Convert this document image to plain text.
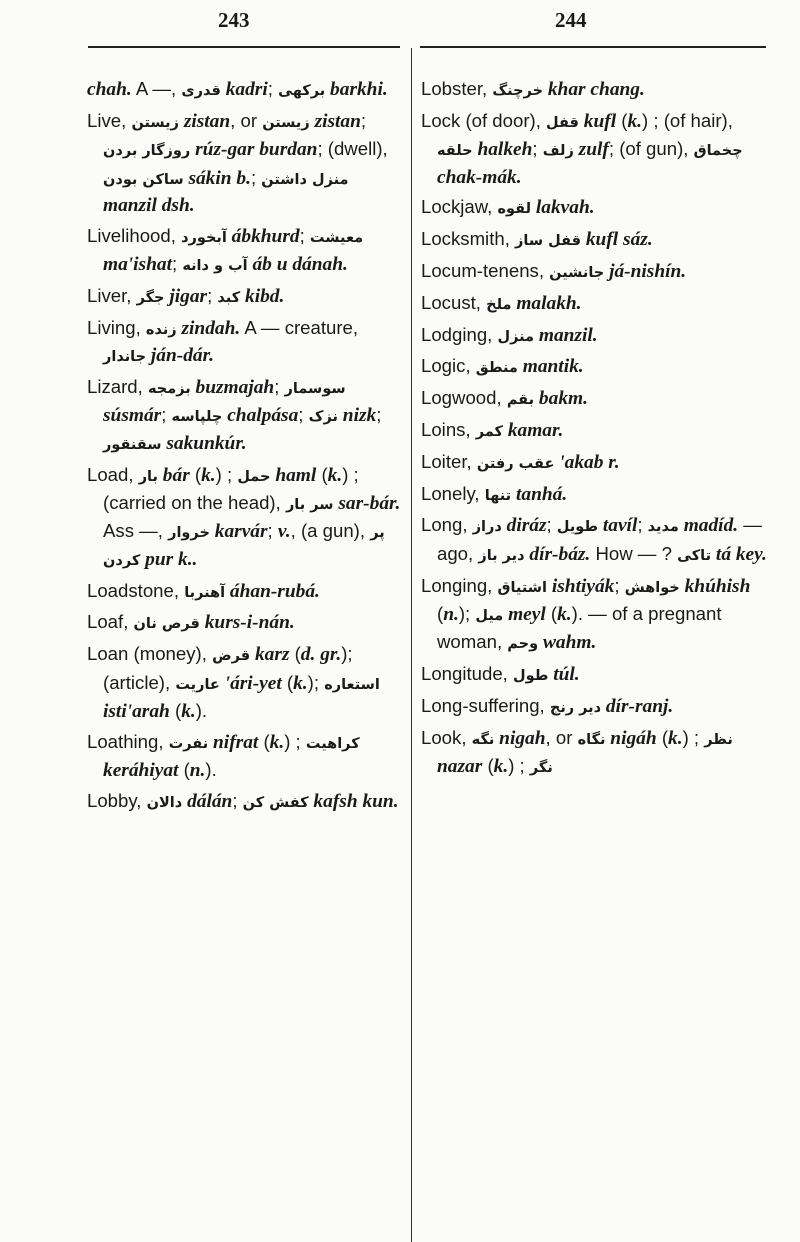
243	244
chah. A —, قدری kadri; برکهی barkhi.
Live, زیستن zistan, or زیستن zistan; روزگار بردن rúz-gar burdan; (dwell), ساکن بودن sákin b.; منزل داشتن manzil dsh.
Livelihood, آبخورد ábkhurd; معیشت ma'ishat; آب و دانه áb u dánah.
Liver, جگر jigar; کبد kibd.
Living, زنده zindah. A — creature, جاندار ján-dár.
Lizard, بزمجه buzmajah; سوسمار súsmár; چلپاسه chalpása; نزک nizk; سقنقور sakunkúr.
Load, بار bár (k.) ; حمل haml (k.) ; (carried on the head), سر بار sar-bár. Ass —, خروار karvár; v., (a gun), پر کردن pur k..
Loadstone, آهنربا áhan-rubá.
Loaf, قرص نان kurs-i-nán.
Loan (money), قرض karz (d. gr.); (article), عاریت 'ári-yet (k.); استعاره isti'arah (k.).
Loathing, نفرت nifrat (k.) ; کراهیت keráhiyat (n.).
Lobby, دالان dálán; کفش کن kafsh kun.
Lobster, خرچنگ khar chang.
Lock (of door), قفل kufl (k.) ; (of hair), حلقه halkeh; زلف zulf; (of gun), چخماق chak-mák.
Lockjaw, لقوه lakvah.
Locksmith, قفل ساز kufl sáz.
Locum-tenens, جانشین já-nishín.
Locust, ملخ malakh.
Lodging, منزل manzil.
Logic, منطق mantik.
Logwood, بقم bakm.
Loins, کمر kamar.
Loiter, عقب رفتن 'akab r.
Lonely, تنها tanhá.
Long, دراز diráz; طویل tavíl; مدید madíd. — ago, دیر باز dír-báz. How — ? تاکی tá key.
Longing, اشتیاق ishtiyák; خواهش khúhish (n.); میل meyl (k.). — of a pregnant woman, وحم wahm.
Longitude, طول túl.
Long-suffering, دیر رنج dír-ranj.
Look, نگه nigah, or نگاه nigáh (k.) ; نظر nazar (k.) ; نگر
